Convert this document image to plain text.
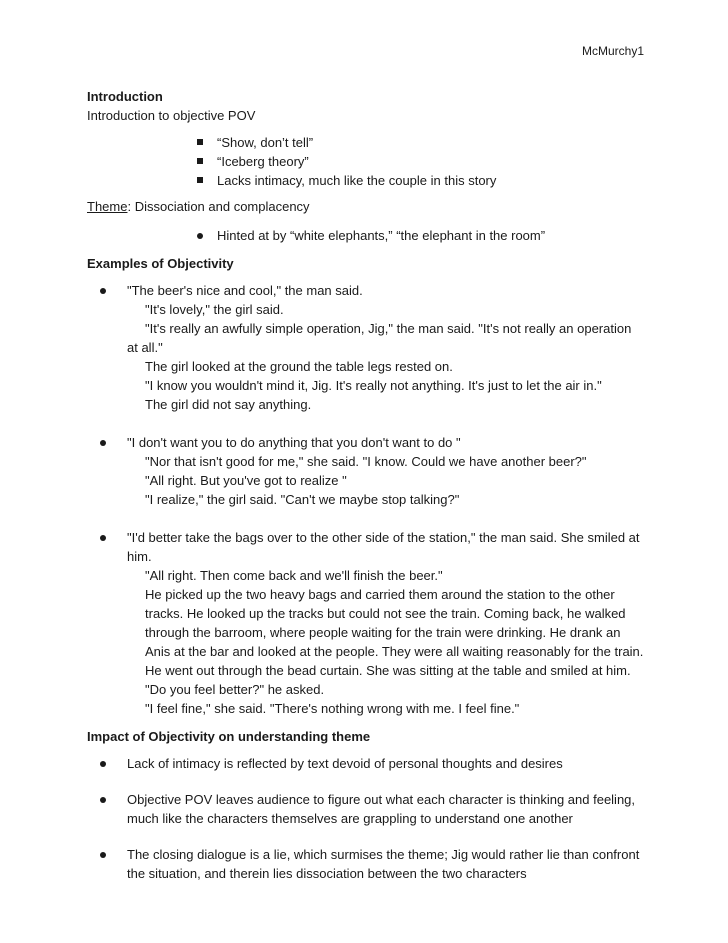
McMurchy1
Introduction
Introduction to objective POV
“Show, don’t tell”
“Iceberg theory”
Lacks intimacy, much like the couple in this story
Theme: Dissociation and complacency
Hinted at by “white elephants,” “the elephant in the room”
Examples of Objectivity
"The beer's nice and cool," the man said.
"It's lovely," the girl said.
"It's really an awfully simple operation, Jig," the man said. "It's not really an operation
at all."
The girl looked at the ground the table legs rested on.
"I know you wouldn't mind it, Jig. It's really not anything. It's just to let the air in."
The girl did not say anything.
"I don't want you to do anything that you don't want to do "
"Nor that isn't good for me," she said. "I know. Could we have another beer?"
"All right. But you've got to realize "
"I realize," the girl said. "Can't we maybe stop talking?"
"I'd better take the bags over to the other side of the station," the man said. She smiled at him.
"All right. Then come back and we'll finish the beer."
He picked up the two heavy bags and carried them around the station to the other tracks. He looked up the tracks but could not see the train. Coming back, he walked through the barroom, where people waiting for the train were drinking. He drank an Anis at the bar and looked at the people. They were all waiting reasonably for the train. He went out through the bead curtain. She was sitting at the table and smiled at him.
"Do you feel better?" he asked.
"I feel fine," she said. "There's nothing wrong with me. I feel fine."
Impact of Objectivity on understanding theme
Lack of intimacy is reflected by text devoid of personal thoughts and desires
Objective POV leaves audience to figure out what each character is thinking and feeling, much like the characters themselves are grappling to understand one another
The closing dialogue is a lie, which surmises the theme; Jig would rather lie than confront the situation, and therein lies dissociation between the two characters
